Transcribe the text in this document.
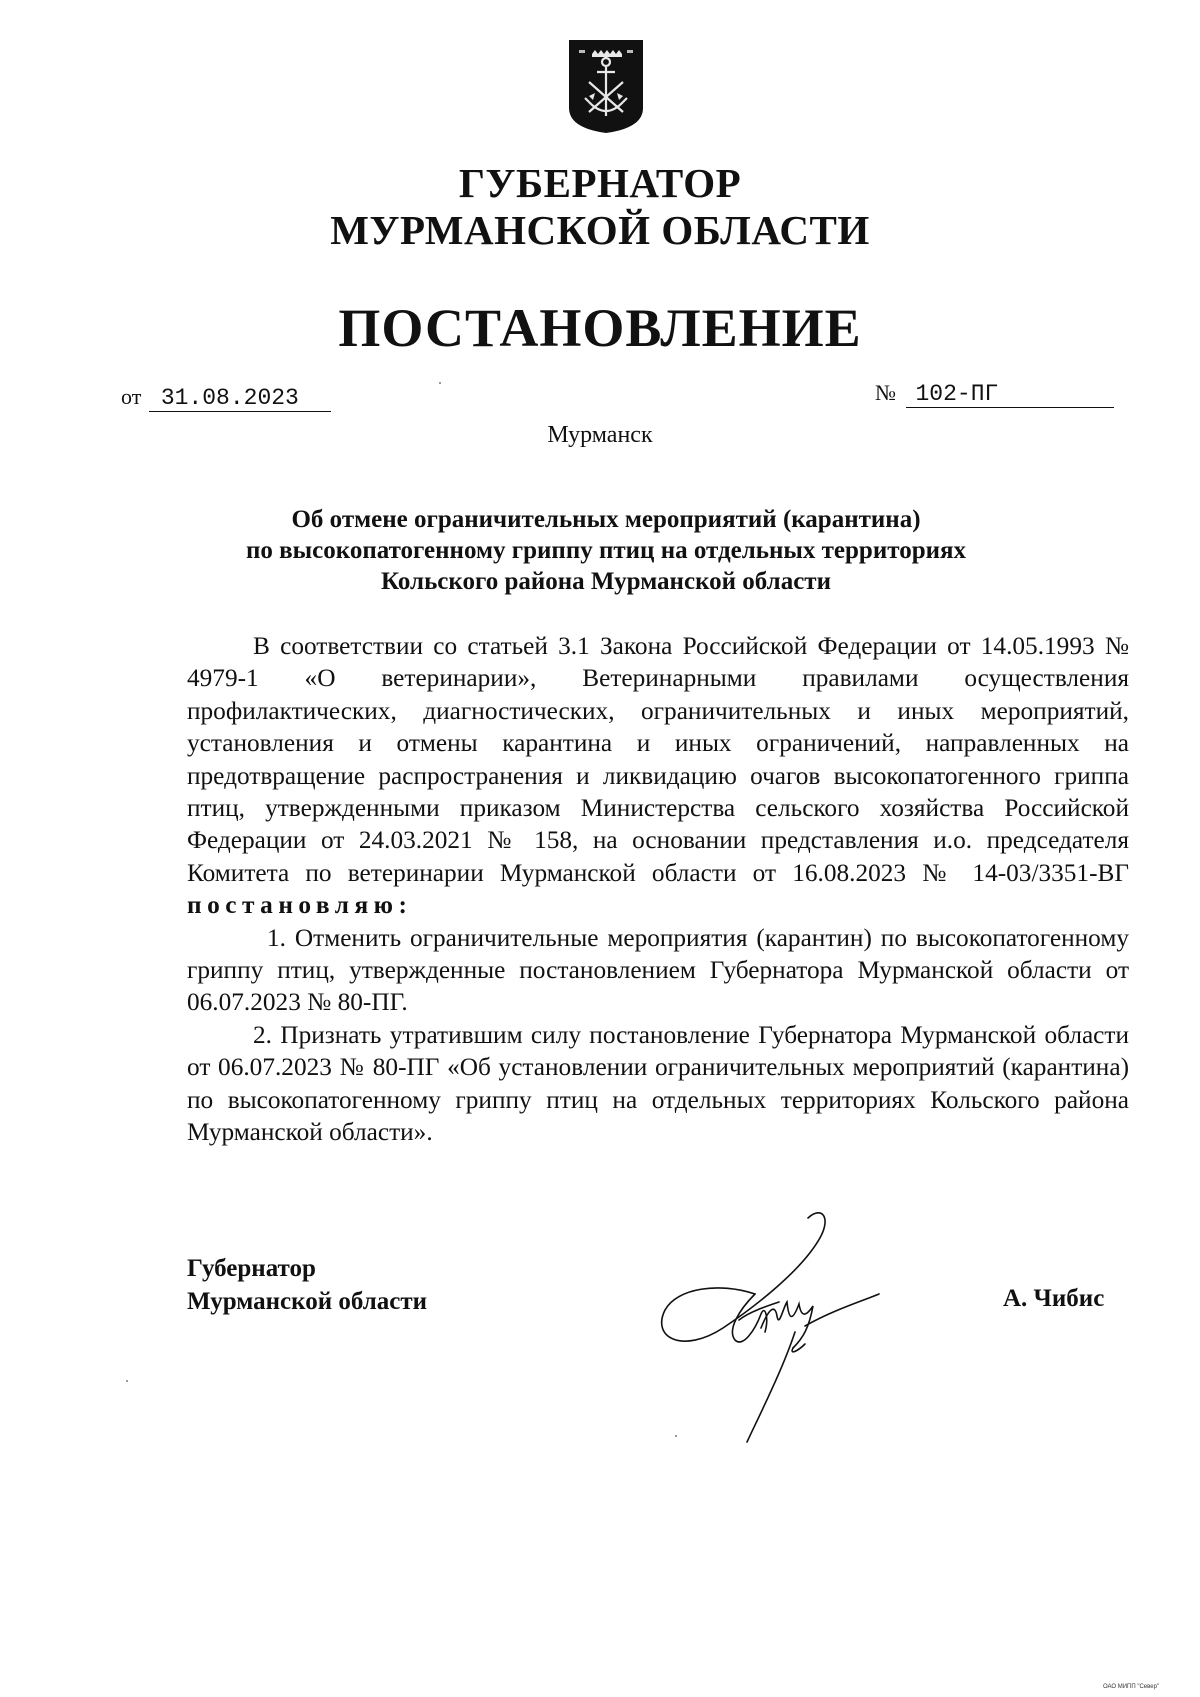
ГУБЕРНАТОР
МУРМАНСКОЙ ОБЛАСТИ
ПОСТАНОВЛЕНИЕ
от 31.08.2023	№ 102-ПГ
Мурманск
Об отмене ограничительных мероприятий (карантина)
по высокопатогенному гриппу птиц на отдельных территориях
Кольского района Мурманской области

В соответствии со статьей 3.1 Закона Российской Федерации от 14.05.1993 № 4979-1 «О ветеринарии», Ветеринарными правилами осуществления профилактических, диагностических, ограничительных и иных мероприятий, установления и отмены карантина и иных ограничений, направленных на предотвращение распространения и ликвидацию очагов высокопатогенного гриппа птиц, утвержденными приказом Министерства сельского хозяйства Российской Федерации от 24.03.2021 № 158, на основании представления и.о. председателя Комитета по ветеринарии Мурманской области от 16.08.2023 № 14-03/3351-ВГ постановляю:

1. Отменить ограничительные мероприятия (карантин) по высокопатогенному гриппу птиц, утвержденные постановлением Губернатора Мурманской области от 06.07.2023 № 80-ПГ.

2. Признать утратившим силу постановление Губернатора Мурманской области от 06.07.2023 № 80-ПГ «Об установлении ограничительных мероприятий (карантина) по высокопатогенному гриппу птиц на отдельных территориях Кольского района Мурманской области».

Губернатор
Мурманской области	А. Чибис
ОАО МИПП "Север"
